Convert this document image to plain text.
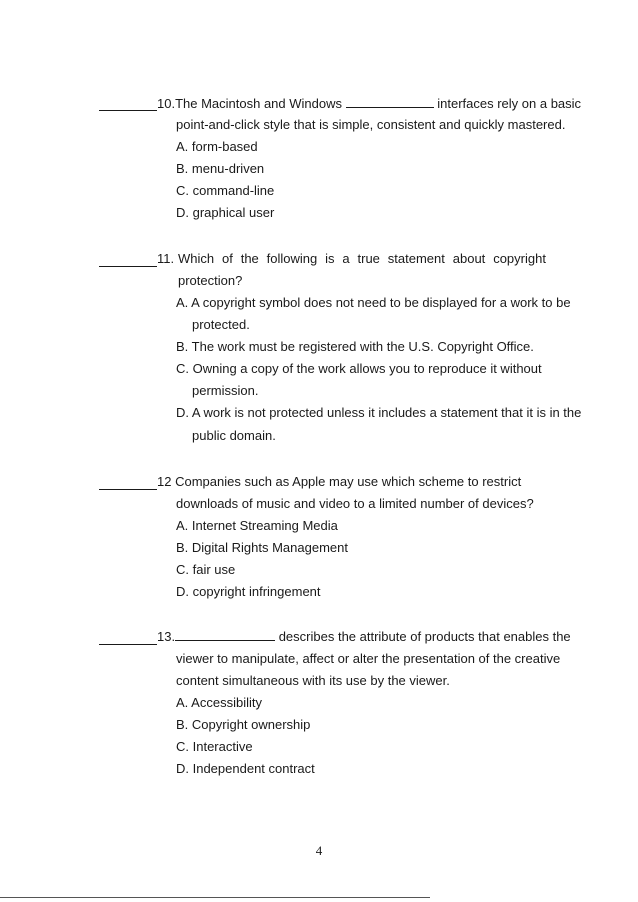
10.The Macintosh and Windows	interfaces rely on a basic
point-and-click style that is simple, consistent and quickly mastered.
A. form-based
B. menu-driven
C. command-line
D. graphical user
11. Which of the following is a true statement about copyright
protection?
A. A copyright symbol does not need to be displayed for a work to be
protected.
B. The work must be registered with the U.S. Copyright Office.
C. Owning a copy of the work allows you to reproduce it without
permission.
D. A work is not protected unless it includes a statement that it is in the
public domain.
12 Companies such as Apple may use which scheme to restrict
downloads of music and video to a limited number of devices?
A. Internet Streaming Media
B. Digital Rights Management
C. fair use
D. copyright infringement
13.	describes the attribute of products that enables the
viewer to manipulate, affect or alter the presentation of the creative
content simultaneous with its use by the viewer.
A. Accessibility
B. Copyright ownership
C. Interactive
D. Independent contract
4
